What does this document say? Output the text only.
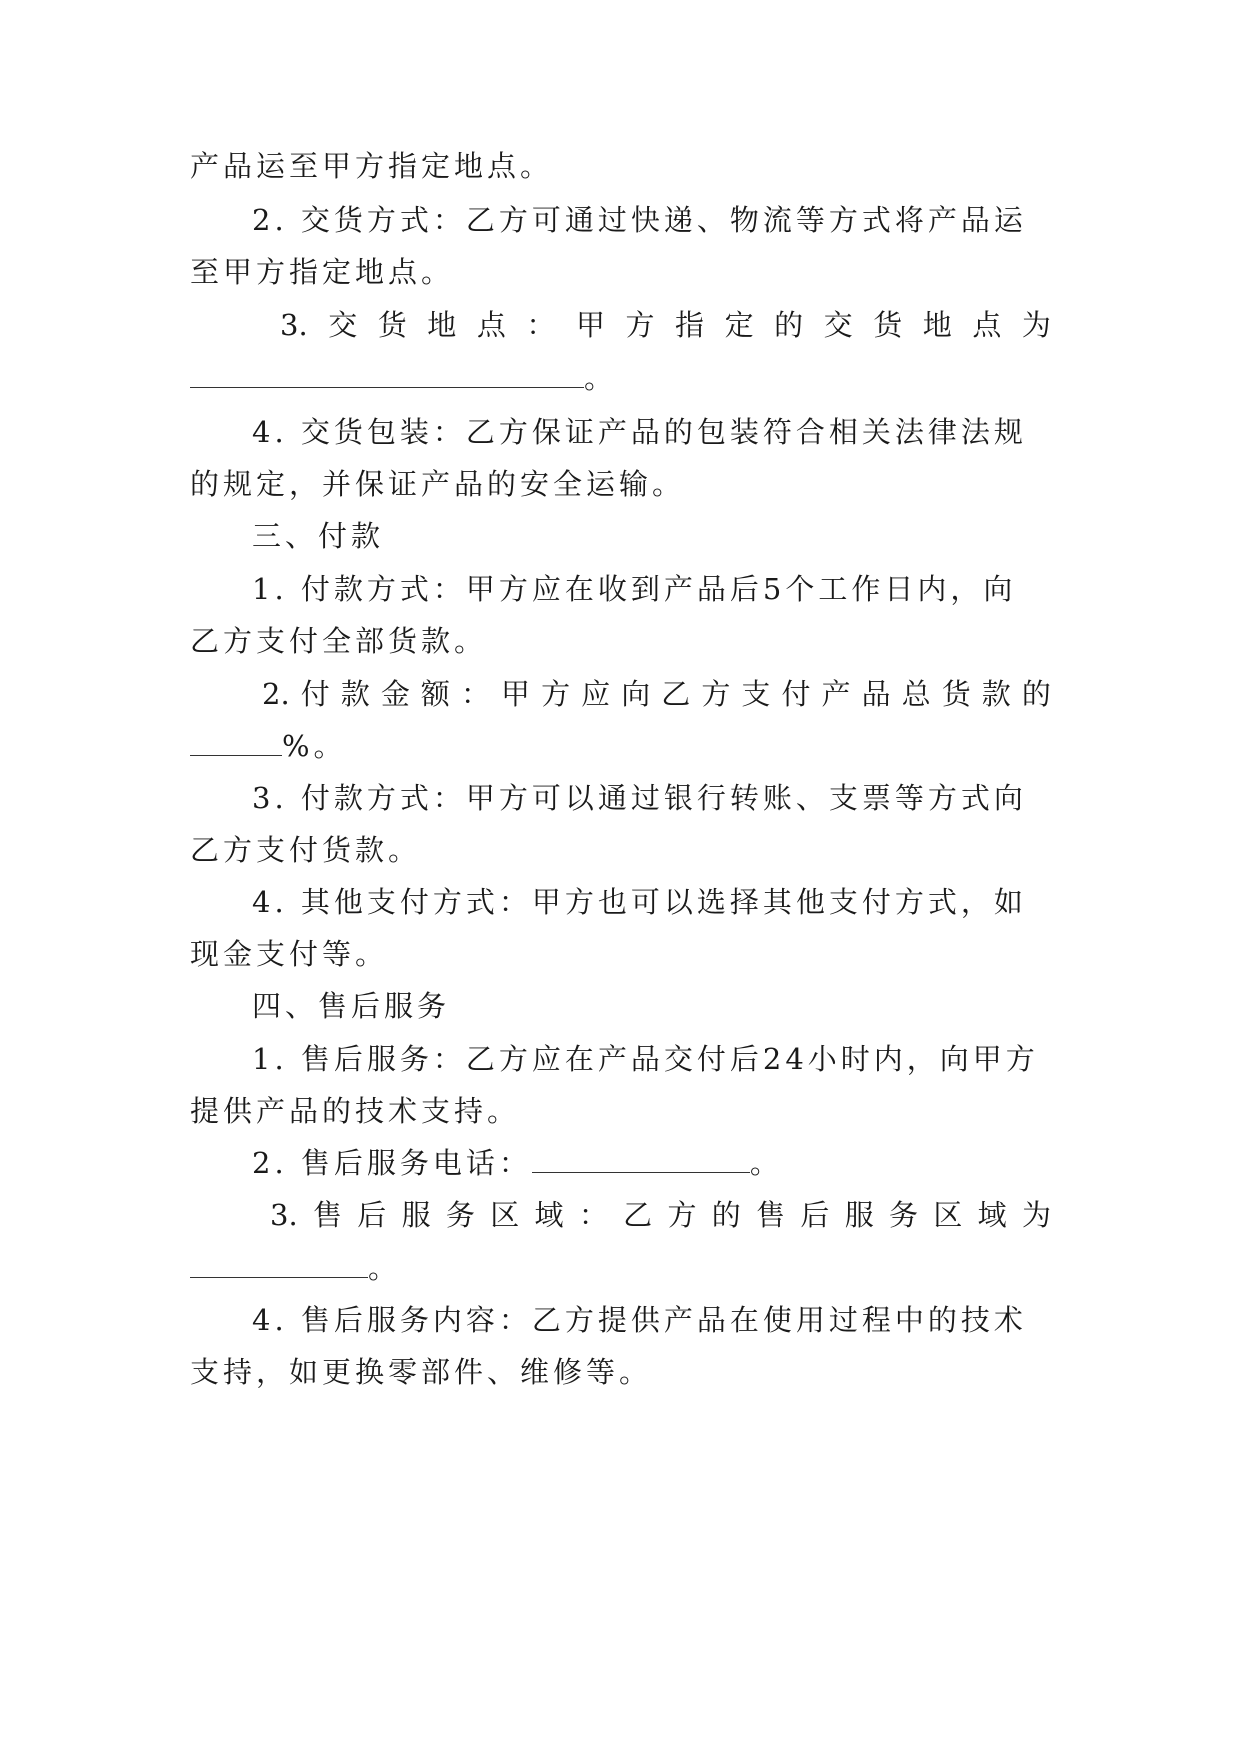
产品运至甲方指定地点。
2. 交货方式：乙方可通过快递、物流等方式将产品运
至甲方指定地点。
3. 交 货 地 点 ： 甲 方 指 定 的 交 货 地 点 为
。
4. 交货包装：乙方保证产品的包装符合相关法律法规
的规定，并保证产品的安全运输。
三、付款
1. 付款方式：甲方应在收到产品后5个工作日内，向
乙方支付全部货款。
2. 付 款 金 额 ： 甲 方 应 向 乙 方 支 付 产 品 总 货 款 的
%。
3. 付款方式：甲方可以通过银行转账、支票等方式向
乙方支付货款。
4. 其他支付方式：甲方也可以选择其他支付方式，如
现金支付等。
四、售后服务
1. 售后服务：乙方应在产品交付后24小时内，向甲方
提供产品的技术支持。
2. 售后服务电话：	。
3. 售 后 服 务 区 域 ： 乙 方 的 售 后 服 务 区 域 为
。
4. 售后服务内容：乙方提供产品在使用过程中的技术
支持，如更换零部件、维修等。
